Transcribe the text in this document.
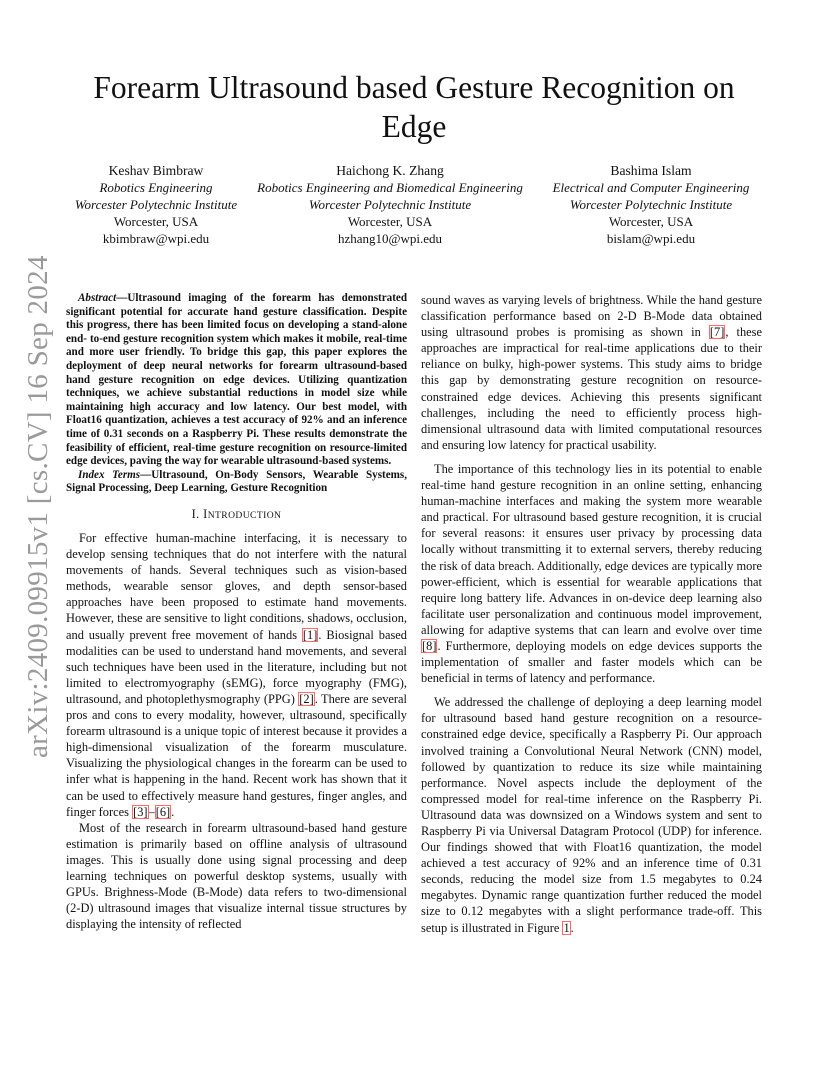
arXiv:2409.09915v1 [cs.CV] 16 Sep 2024
Forearm Ultrasound based Gesture Recognition on Edge
Keshav Bimbraw
Robotics Engineering
Worcester Polytechnic Institute
Worcester, USA
kbimbraw@wpi.edu
Haichong K. Zhang
Robotics Engineering and Biomedical Engineering
Worcester Polytechnic Institute
Worcester, USA
hzhang10@wpi.edu
Bashima Islam
Electrical and Computer Engineering
Worcester Polytechnic Institute
Worcester, USA
bislam@wpi.edu

Abstract—Ultrasound imaging of the forearm has demonstrated significant potential for accurate hand gesture classification. Despite this progress, there has been limited focus on developing a stand-alone end- to-end gesture recognition system which makes it mobile, real-time and more user friendly. To bridge this gap, this paper explores the deployment of deep neural networks for forearm ultrasound-based hand gesture recognition on edge devices. Utilizing quantization techniques, we achieve substantial reductions in model size while maintaining high accuracy and low latency. Our best model, with Float16 quantization, achieves a test accuracy of 92% and an inference time of 0.31 seconds on a Raspberry Pi. These results demonstrate the feasibility of efficient, real-time gesture recognition on resource-limited edge devices, paving the way for wearable ultrasound-based systems.

Index Terms—Ultrasound, On-Body Sensors, Wearable Systems, Signal Processing, Deep Learning, Gesture Recognition

I. INTRODUCTION

For effective human-machine interfacing, it is necessary to develop sensing techniques that do not interfere with the natural movements of hands. Several techniques such as vision-based methods, wearable sensor gloves, and depth sensor-based approaches have been proposed to estimate hand movements. However, these are sensitive to light conditions, shadows, occlusion, and usually prevent free movement of hands [1]. Biosignal based modalities can be used to understand hand movements, and several such techniques have been used in the literature, including but not limited to electromyography (sEMG), force myography (FMG), ultrasound, and photoplethysmography (PPG) [2]. There are several pros and cons to every modality, however, ultrasound, specifically forearm ultrasound is a unique topic of interest because it provides a high-dimensional visualization of the forearm musculature. Visualizing the physiological changes in the forearm can be used to infer what is happening in the hand. Recent work has shown that it can be used to effectively measure hand gestures, finger angles, and finger forces [3]–[6].

Most of the research in forearm ultrasound-based hand gesture estimation is primarily based on offline analysis of ultrasound images. This is usually done using signal processing and deep learning techniques on powerful desktop systems, usually with GPUs. Brighness-Mode (B-Mode) data refers to two-dimensional (2-D) ultrasound images that visualize internal tissue structures by displaying the intensity of reflected

sound waves as varying levels of brightness. While the hand gesture classification performance based on 2-D B-Mode data obtained using ultrasound probes is promising as shown in [7], these approaches are impractical for real-time applications due to their reliance on bulky, high-power systems. This study aims to bridge this gap by demonstrating gesture recognition on resource-constrained edge devices. Achieving this presents significant challenges, including the need to efficiently process high-dimensional ultrasound data with limited computational resources and ensuring low latency for practical usability.

The importance of this technology lies in its potential to enable real-time hand gesture recognition in an online setting, enhancing human-machine interfaces and making the system more wearable and practical. For ultrasound based gesture recognition, it is crucial for several reasons: it ensures user privacy by processing data locally without transmitting it to external servers, thereby reducing the risk of data breach. Additionally, edge devices are typically more power-efficient, which is essential for wearable applications that require long battery life. Advances in on-device deep learning also facilitate user personalization and continuous model improvement, allowing for adaptive systems that can learn and evolve over time [8]. Furthermore, deploying models on edge devices supports the implementation of smaller and faster models which can be beneficial in terms of latency and performance.

We addressed the challenge of deploying a deep learning model for ultrasound based hand gesture recognition on a resource-constrained edge device, specifically a Raspberry Pi. Our approach involved training a Convolutional Neural Network (CNN) model, followed by quantization to reduce its size while maintaining performance. Novel aspects include the deployment of the compressed model for real-time inference on the Raspberry Pi. Ultrasound data was downsized on a Windows system and sent to Raspberry Pi via Universal Datagram Protocol (UDP) for inference. Our findings showed that with Float16 quantization, the model achieved a test accuracy of 92% and an inference time of 0.31 seconds, reducing the model size from 1.5 megabytes to 0.24 megabytes. Dynamic range quantization further reduced the model size to 0.12 megabytes with a slight performance trade-off. This setup is illustrated in Figure 1.
